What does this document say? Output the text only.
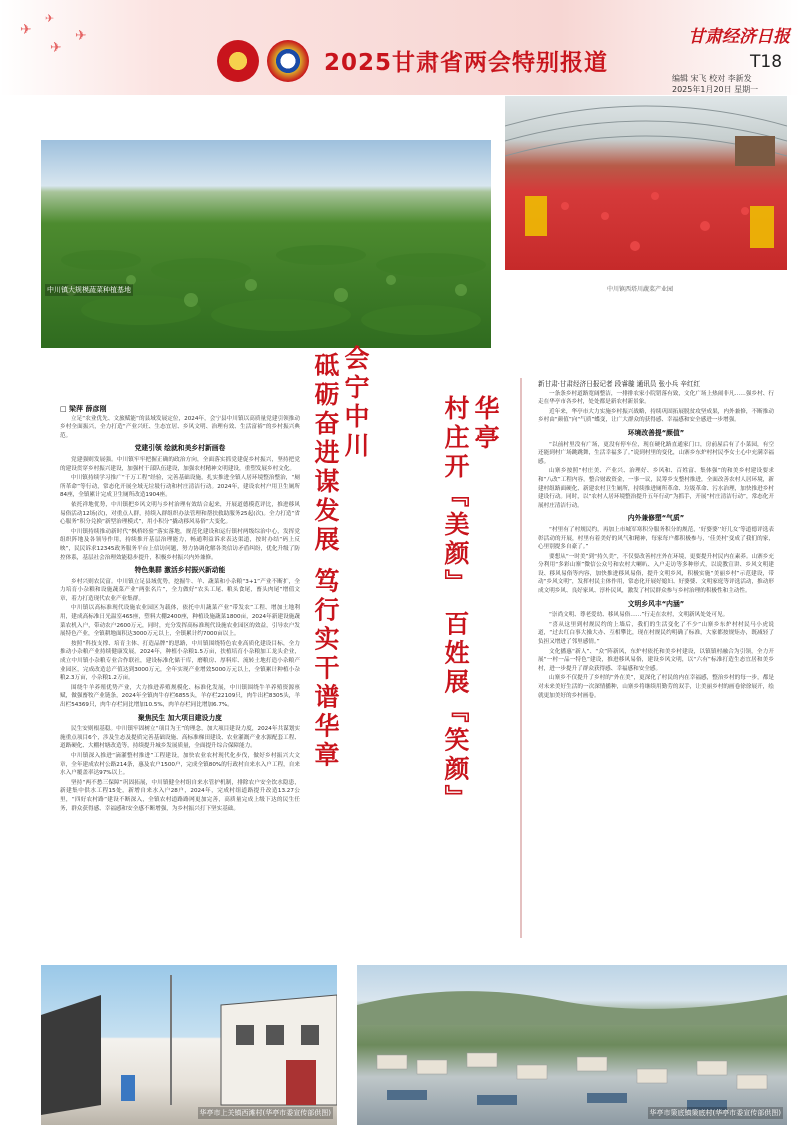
✈
✈
✈
✈
2025甘肃省两会特别报道
甘肃经济日报
T18
编辑 宋飞 校对 李新发
2025年1月20日 星期一
中川镇大规模蔬菜种植基地	中川镇西塔川蔬菜产业园
华亭市上关镇西滩村(华亭市委宣传部供图)	华亭市策底镇策底村(华亭市委宣传部供图)
会宁中川
砥砺奋进谋发展 笃行实干谱华章	华亭
村庄开『美颜』 百姓展『笑颜』

□ 梁萍 薛彦刚

立足“农业优先、文旅赋能”的县域发展定位，2024年，会宁县中川镇以高质量党建引领推动乡村全面振兴，全力打造“产业兴旺、生态宜居、乡风文明、治理有效、生活富裕”的乡村振兴典范。

党建引领 绘就和美乡村新画卷

党建强则发展强。中川镇牢牢把握正确的政治方向，全面落实抓党建促乡村振兴，坚持把党的建设贯穿乡村振兴建设，加强村干部队伍建设，加强农村精神文明建设，重塑发展乡村文化。

中川镇持续学习推广“千万工程”经验，完善基础设施，扎实推进全镇人居环境整治整治，“厕所革命”等行动，常态化开展全域无垃圾行动和村庄清洁行动。2024年，建设农村户用卫生厕所84座，全镇累计完成卫生厕所改造1904座。

依托祥地优势，中川镇把乡风文明与乡村治理有效结合起来，开展道德模范评比，推进移风易俗活动12场(次)，对重点人群，持续入群组织办法管理和帮扶救助服务25起(次)。全力打造“省心服务”积分兑换“新型治理模式”，用小积分“撬动移风易俗”大变化。

中川镇持续推动新时代“枫桥经验”落实落地，规范化建设和运行镇村两级综治中心，发挥党组织阵地及各领导作用，持续推开基层治理能力，畅通利益诉求表达渠道，按时办结“码上反映”，民民诉求12345政务服务平台上信访问题，努力协调化解各类信访矛盾纠纷，优化升级了防控体系，基层社会治理效能稳步提升，积极乡村振兴内外兼修。

特色集群 激活乡村振兴新动能

乡村兴则农民富。中川镇立足县域优势，挖掘牛、羊、蔬菜和小杂粮“3+1”产业不断扩，全力培育小杂粮和设施蔬菜产业“两张名片”，全力做好“农头工尾、粮头食尾，畜头肉尾”增值文章，着力打造现代农业产业集群。

中川镇以高标准现代设施农业园区为载体，依托中川蔬菜产业“带发农”工程、增加土地利用，建成高标准日光温室465座，塑料大棚2400座，种植设施蔬菜1800亩，2024年新建设施蔬菜农机入户，带动农户2600万元，同时，充分发挥高标准现代设施农业园区的效益，引导农户发展特色产业，全镇耕地面积达3000万元以上，全镇累计约7000亩以上。

按照“科技支撑、培育主体、打造品牌”的思路，中川镇围绕特色农业高质化建设目标，全力推动小杂粮产业持续健康发展，2024年，种植小杂粮1.5万亩，扶植培育小杂粮加工龙头企业，成立中川镇小杂粮专业合作联社，建设标准化储干库，磨粮房、厚料库、流转土地打造小杂粮产业园区，完成改造总产值达到3000万元，全年实现产业增效5000万元以上，全镇累计种植小杂粮2.3万亩，小杂粮1.2万亩。

围绕牛羊养殖优势产业，大力推进养殖规模化、标准化发展，中川镇围绕牛羊养殖资源禀赋，做强畜牧产业链条，2024年全镇肉牛存栏6855头，羊存栏22109只，肉牛出栏8305头，羊出栏54369只，肉牛存栏同比增加10.5%，肉羊存栏同比增加6.7%。

聚焦民生 加大项目建设力度

民生安则根基稳。中川镇牢固树立“项目为王”的理念，加大项目建设力度，2024年共谋划实施重点项目6个，涉及生态及提质完善基础设施、高标准梯田建设、农业灌溉产业水源配套工程、道路硬化、大棚村塘改造等，持续提升城乡发展质量，全面提升综合保障能力。

中川镇深入推进“滴灌整村推进”工程建设，加快农业农村现代化步伐，做好乡村振兴大文章，全年建成农村公路214条，惠及农户1500户，完成全镇80%的行政村自来水入户工程，自来水入户覆盖率达97%以上。

坚持“两不愁三保障”巩固拓展，中川镇健全村组自来水管护机制，排除农户安全饮水隐患，新建集中供水工程15处，新增自来水入户28户，2024年，完成村组道路提升改造13.27公里，“四好农村路”建设不断深入，全镇农村道路路网更加完善，高质量完成上级下达的民生任务，群众获得感、幸福感和安全感不断增强，为乡村振兴打下坚实基础。

新甘肃·甘肃经济日报记者 段睿璇 通讯员 张小兵 辛红红

一条条乡村道路宽阔整洁，一排排农家小院错落有致，文化广场上热闹非凡……强乡村、行走在华亭市各乡村，处处都是新农村新景象。

近年来，华亭市大力实施乡村振兴战略，持续巩固拓展脱贫攻坚成果，内外兼修，不断推动乡村由“颜值”向“气质”蝶变，让广大群众的获得感、幸福感和安全感进一步增强。

环境改善提“颜值”

“以前村里没有广场，更没有停车位，现在硬化路直通家门口，房前屋后有了小菜园，有空还能到村广场跳跳舞，生活幸福多了。”说到村里的变化，山寨乡东炉村村民李女士心中充满幸福感。

山寨乡按照“村庄美、产业兴、治理好、乡风和、百姓富、集体强”的和美乡村建设要求和“八改”工程内容，整合财政资金，一事一议，民筹乡支整村推进，全面改善农村人居环境，新建村组路面硬化、新建农村卫生厕所，持续推进厕所革命、垃圾革命、污水治理，加快推进乡村建设行动。同时，以“农村人居环境整治提升五年行动”为抓手，开展“村庄清洁行动”，常态化开展村庄清洁行动。

内外兼修塑“气质”

“村里有了村规民约，再加上市城军寒积分服务积分的规范，‘好婆婆’‘好儿女’等道德评选表彰活动的开展，村里有着美好的风气和精神，每家每户都积极参与，‘佳美村’变成了我们的家，心里别提多自豪了。”

要想从“一时美”到“持久美”，不仅要改善村庄外在环境，更要提升村民内在素养。山寨乡充分利用“多彩山寨”微信公众号和农村大喇叭、入户走访等多种形式，以说教宣讲、乡风文明建设、移风易俗等内容，加快推进移风易俗，提升文明乡风，积极实施“美丽乡村”示范建设，带动“乡风文明”，发挥村民主体作用，常态化开展好媳妇、好婆婆、文明家庭等评选活动，推动形成文明乡风、良好家风、淳朴民风，激发了村民群众参与乡村治理的积极性和主动性。

文明乡风丰“内涵”

“崇尚文明、尊老爱幼、移风易俗……”行走在农村，文明新风处处可见。

“喜从这里到村规民约的上墙后，我们的生活变化了不少”山寨乡东炉村村民马小虎说道，“过去红白事大操大办、互相攀比，现在村规民约明确了标准，大家都按规矩办，既减轻了负担又增进了邻里感情。”

文化播惠“新人”、“众”阵新风，东炉村依托和美乡村建设，以镇镇村融合为引领，全力开展“一村一品一特色”建设，推进移风易俗，建设乡风文明，以“六有”标准打造生态宜居和美乡村，进一步提升了群众获得感、幸福感和安全感。

山寨乡不仅提升了乡村的“外在美”，更深化了村民的内在幸福感，整治乡村的每一步，都是对未来美好生活的一次深情播种，山寨乡将继续用勤劳的双手，让美丽乡村的画卷徐徐展开，绘就更加美好的乡村画卷。
